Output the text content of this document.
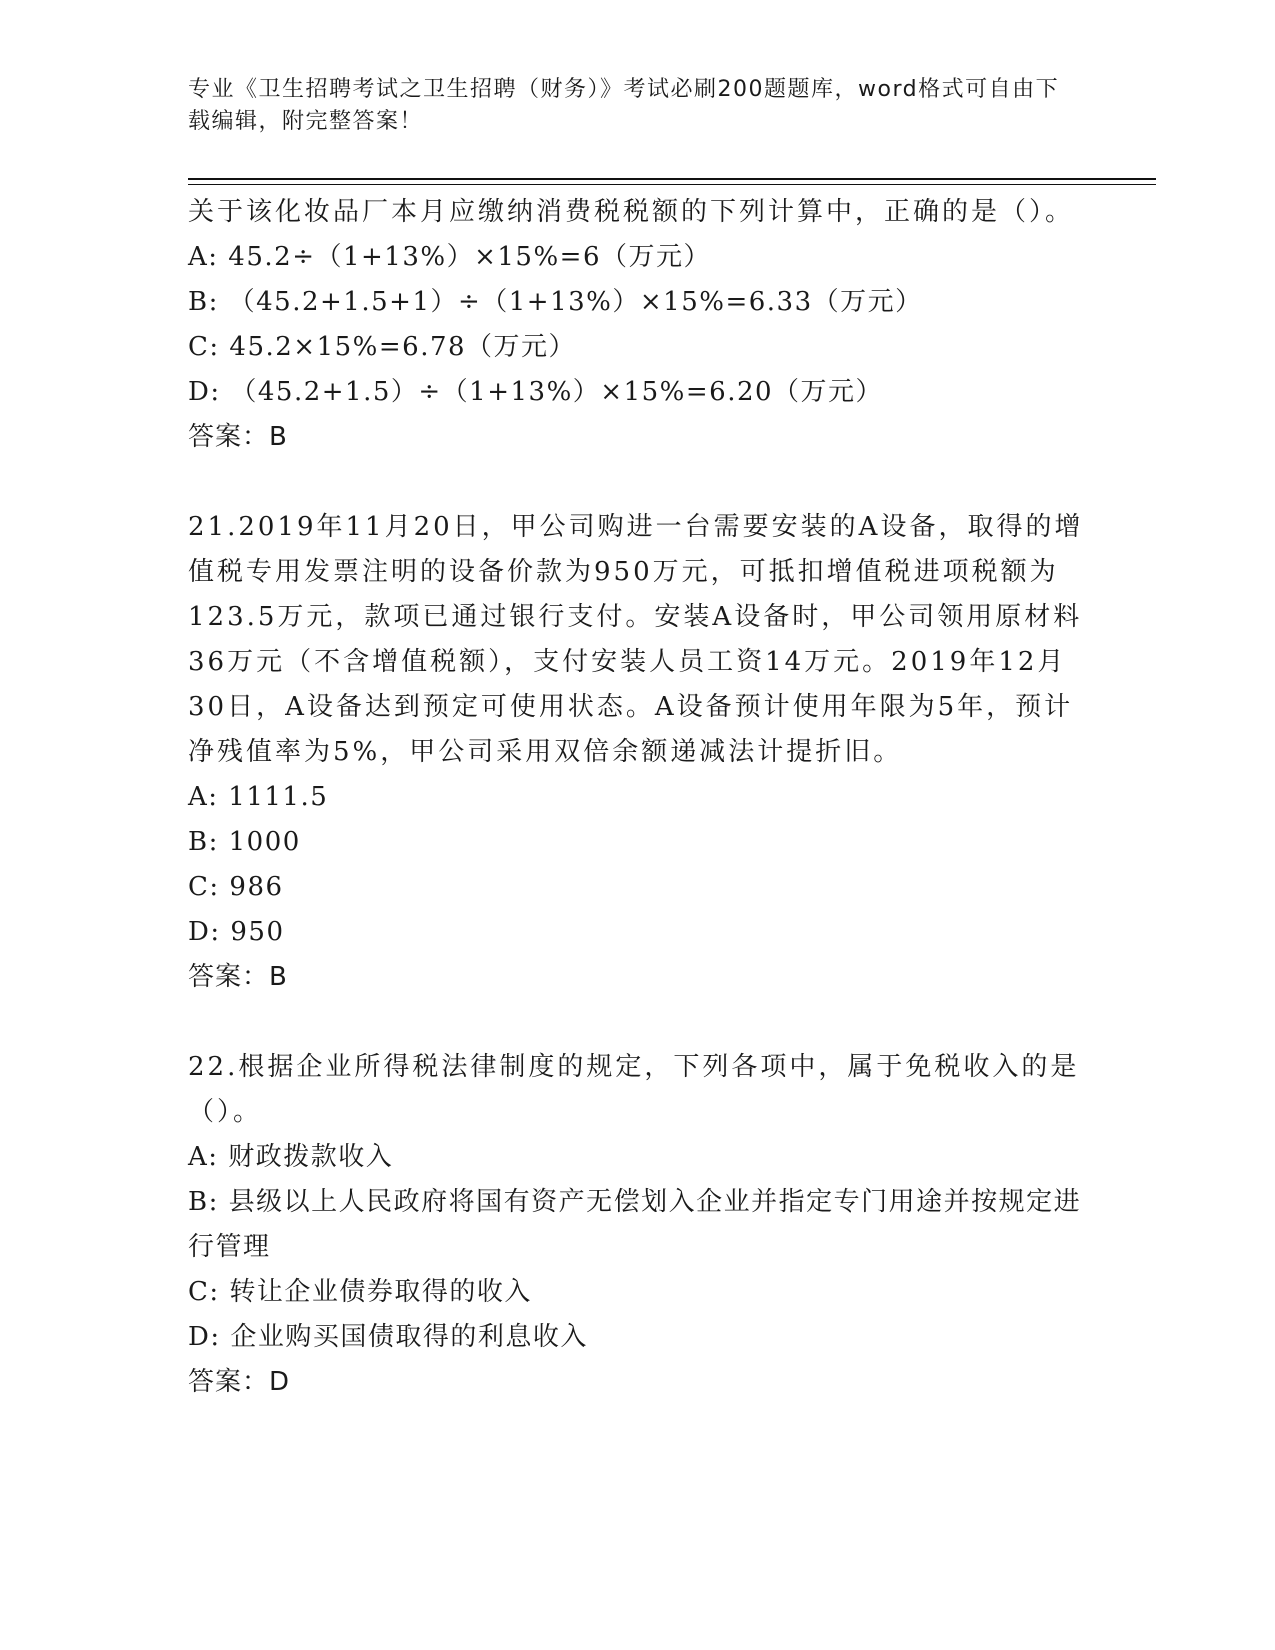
专业《卫生招聘考试之卫生招聘（财务）》考试必刷200题题库，word格式可自由下载编辑，附完整答案！
关于该化妆品厂本月应缴纳消费税税额的下列计算中，正确的是（）。
A: 45.2÷（1+13%）×15%=6（万元）
B: （45.2+1.5+1）÷（1+13%）×15%=6.33（万元）
C: 45.2×15%=6.78（万元）
D: （45.2+1.5）÷（1+13%）×15%=6.20（万元）
答案：B
21.2019年11月20日，甲公司购进一台需要安装的A设备，取得的增值税专用发票注明的设备价款为950万元，可抵扣增值税进项税额为123.5万元，款项已通过银行支付。安装A设备时，甲公司领用原材料36万元（不含增值税额），支付安装人员工资14万元。2019年12月30日，A设备达到预定可使用状态。A设备预计使用年限为5年，预计净残值率为5%，甲公司采用双倍余额递减法计提折旧。
A: 1111.5
B: 1000
C: 986
D: 950
答案：B
22.根据企业所得税法律制度的规定，下列各项中，属于免税收入的是（）。
A: 财政拨款收入
B: 县级以上人民政府将国有资产无偿划入企业并指定专门用途并按规定进行管理
C: 转让企业债券取得的收入
D: 企业购买国债取得的利息收入
答案：D
